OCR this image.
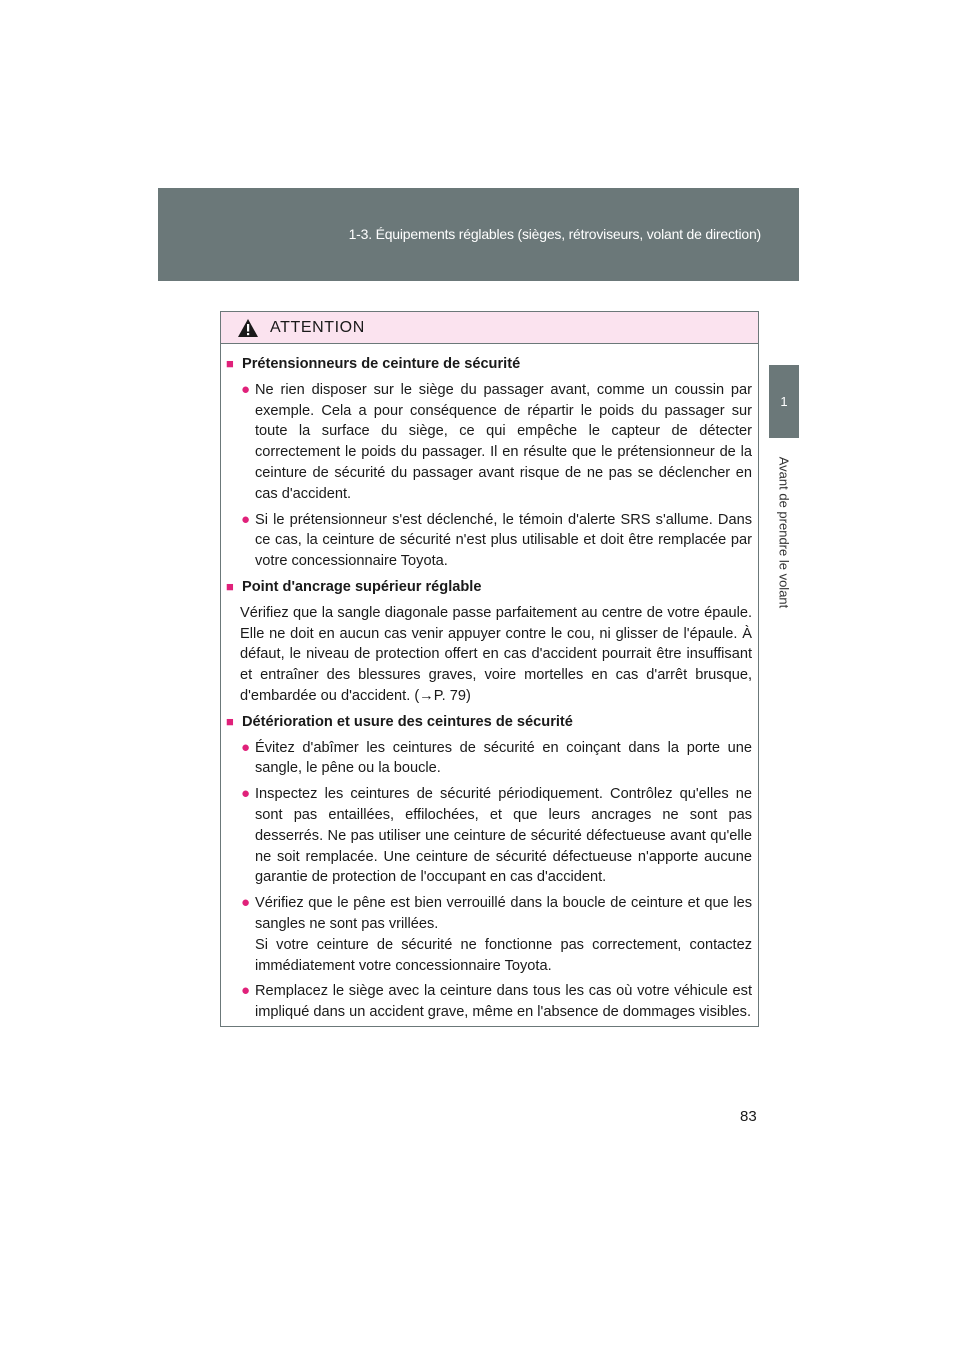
1-3. Équipements réglables (sièges, rétroviseurs, volant de direction)
1
Avant de prendre le volant
ATTENTION
■ Prétensionneurs de ceinture de sécurité
● Ne rien disposer sur le siège du passager avant, comme un coussin par exemple. Cela a pour conséquence de répartir le poids du passager sur toute la surface du siège, ce qui empêche le capteur de détecter correctement le poids du passager. Il en résulte que le prétensionneur de la ceinture de sécurité du passager avant risque de ne pas se déclencher en cas d'accident.

● Si le prétensionneur s'est déclenché, le témoin d'alerte SRS s'allume. Dans ce cas, la ceinture de sécurité n'est plus utilisable et doit être remplacée par votre concessionnaire Toyota.

■ Point d'ancrage supérieur réglable

Vérifiez que la sangle diagonale passe parfaitement au centre de votre épaule. Elle ne doit en aucun cas venir appuyer contre le cou, ni glisser de l'épaule. À défaut, le niveau de protection offert en cas d'accident pourrait être insuffisant et entraîner des blessures graves, voire mortelles en cas d'arrêt brusque, d'embardée ou d'accident. (→P. 79)

■ Détérioration et usure des ceintures de sécurité
● Évitez d'abîmer les ceintures de sécurité en coinçant dans la porte une sangle, le pêne ou la boucle.

● Inspectez les ceintures de sécurité périodiquement. Contrôlez qu'elles ne sont pas entaillées, effilochées, et que leurs ancrages ne sont pas desserrés. Ne pas utiliser une ceinture de sécurité défectueuse avant qu'elle ne soit remplacée. Une ceinture de sécurité défectueuse n'apporte aucune garantie de protection de l'occupant en cas d'accident.

● Vérifiez que le pêne est bien verrouillé dans la boucle de ceinture et que les sangles ne sont pas vrillées.

Si votre ceinture de sécurité ne fonctionne pas correctement, contactez immédiatement votre concessionnaire Toyota.

● Remplacez le siège avec la ceinture dans tous les cas où votre véhicule est impliqué dans un accident grave, même en l'absence de dommages visibles.

83
